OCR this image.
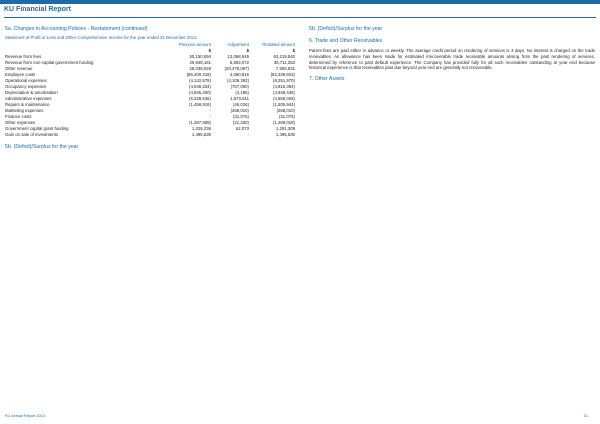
KU Financial Report
5a. Changes in Accounting Policies - Restatement (continued)
Statement of Profit or Loss and Other Comprehensive Income for the year ended 31 December 2013
Previous amount	Adjustment	Restated amount
$	$	$
Revenue from fees	50,150,594	13,068,946	63,219,540
Revenue from non-capital government funding	29,848,181	6,863,072	36,711,253
Other revenue	28,038,028	(20,478,097)	7,559,931
Employee costs	(86,400,418)	4,060,815	(82,339,603)
Operational expenses	(4,142,578)	(4,109,392)	(8,251,970)
Occupancy expenses	(4,048,334)	(767,060)	(4,815,394)
Depreciation & amortisation	(4,945,250)	(4,186)	(4,949,436)
Administrative expenses	(6,228,636)	1,670,611	(4,558,025)
Repairs & maintenance	(1,459,918)	(46,026)	(1,505,944)
Marketing expenses	-	(268,010)	(268,010)
Finance costs	-	(31,076)	(31,076)
Other expenses	(1,267,689)	(21,330)	(1,289,019)
Government capital grant funding	1,229,236	62,073	1,291,309
Gain on sale of investments	1,495,630	-	1,495,630
5b. (Deficit)/Surplus for the year
5b. (Deficit)/Surplus for the year
6. Trade and Other Receivables
Parent fees are paid either in advance or weekly. The average credit period on rendering of services is 3 days. No interest is charged on the trade receivables. An allowance has been made for estimated irrecoverable trade receivable amounts arising from the past rendering of services, determined by reference to past default experience. The Company has provided fully for all such receivables outstanding at year end because historical experience is that receivables past due beyond year end are generally not recoverable.
7. Other Assets
KU Annual Report 2014	31
